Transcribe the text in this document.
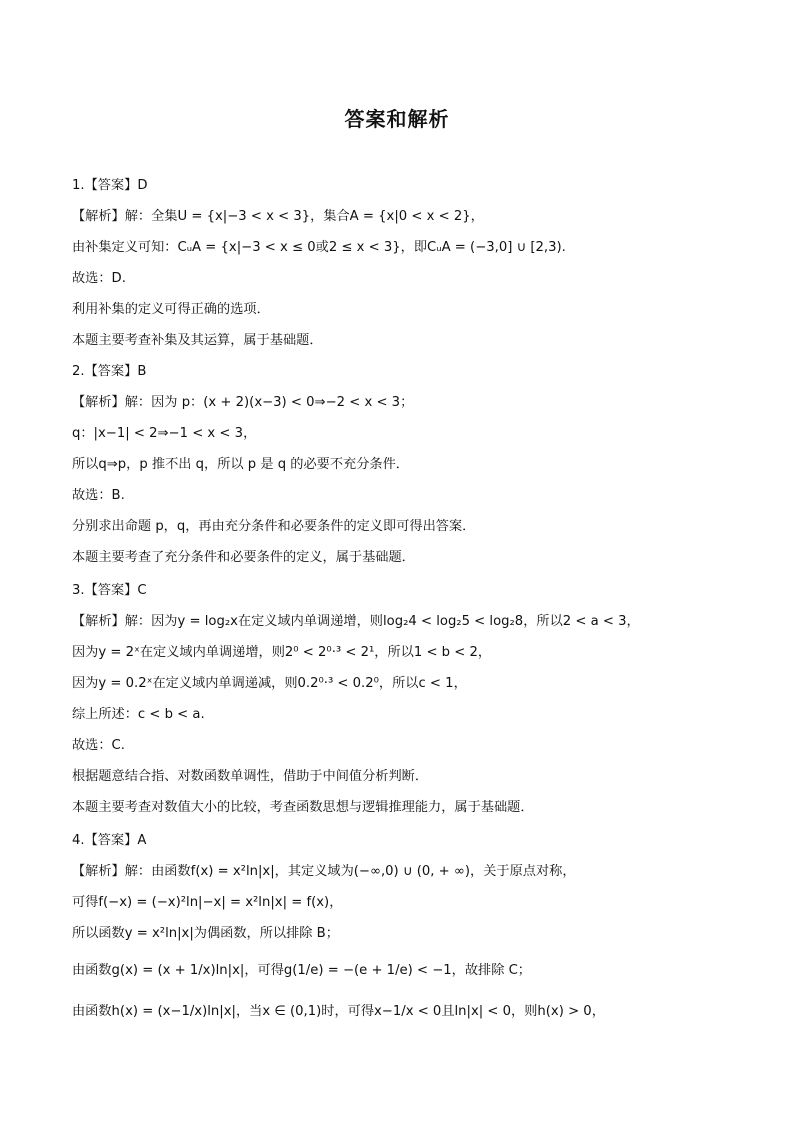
答案和解析
1.【答案】D
【解析】解：全集U = {x|−3 < x < 3}，集合A = {x|0 < x < 2}，
由补集定义可知：CᵤA = {x|−3 < x ≤ 0或2 ≤ x < 3}，即CᵤA = (−3,0] ∪ [2,3).
故选：D.
利用补集的定义可得正确的选项．
本题主要考查补集及其运算，属于基础题．
2.【答案】B
【解析】解：因为 p：(x + 2)(x−3) < 0⇒−2 < x < 3；
q：|x−1| < 2⇒−1 < x < 3，
所以q⇒p，p 推不出 q，所以 p 是 q 的必要不充分条件．
故选：B.
分别求出命题 p，q，再由充分条件和必要条件的定义即可得出答案．
本题主要考查了充分条件和必要条件的定义，属于基础题．
3.【答案】C
【解析】解：因为y = log₂x在定义域内单调递增，则log₂4 < log₂5 < log₂8，所以2 < a < 3，
因为y = 2ˣ在定义域内单调递增，则2⁰ < 2⁰·³ < 2¹，所以1 < b < 2，
因为y = 0.2ˣ在定义域内单调递减，则0.2⁰·³ < 0.2⁰，所以c < 1，
综上所述：c < b < a.
故选：C.
根据题意结合指、对数函数单调性，借助于中间值分析判断．
本题主要考查对数值大小的比较，考查函数思想与逻辑推理能力，属于基础题．
4.【答案】A
【解析】解：由函数f(x) = x²ln|x|，其定义域为(−∞,0) ∪ (0, + ∞)，关于原点对称，
可得f(−x) = (−x)²ln|−x| = x²ln|x| = f(x)，
所以函数y = x²ln|x|为偶函数，所以排除 B；
由函数g(x) = (x + 1/x)ln|x|，可得g(1/e) = −(e + 1/e) < −1，故排除 C；
由函数h(x) = (x−1/x)ln|x|，当x ∈ (0,1)时，可得x−1/x < 0且ln|x| < 0，则h(x) > 0，
